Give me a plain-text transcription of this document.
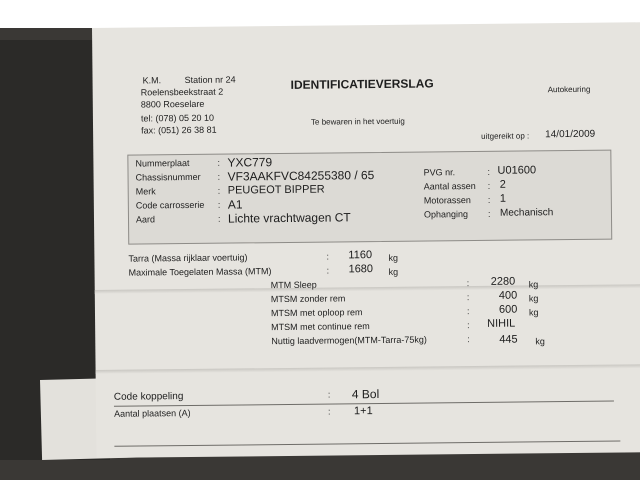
K.M.	Station nr 24
Roelensbeekstraat 2
8800 Roeselare
tel: (078) 05 20 10
fax: (051) 26 38 81
IDENTIFICATIEVERSLAG
Te bewaren in het voertuig
Autokeuring
uitgereikt op : 14/01/2009
Nummerplaat	: YXC779
Chassisnummer : VF3AAKFVC84255380 / 65
Merk	: PEUGEOT BIPPER
Code carrosserie : A1
Aard	: Lichte vrachtwagen CT
PVG nr.	: U01600
Aantal assen : 2
Motorassen : 1
Ophanging : Mechanisch
Tarra (Massa rijklaar voertuig)	: 1160 kg
Maximale Toegelaten Massa (MTM)	: 1680 kg
MTM Sleep	: 2280 kg
MTSM zonder rem	:	400 kg
MTSM met oploop rem	:	600 kg
MTSM met continue rem	: NIHIL
Nuttig laadvermogen(MTM-Tarra-75kg)	:	445 kg
Code koppeling	: 4 Bol
Aantal plaatsen (A)	: 1+1
